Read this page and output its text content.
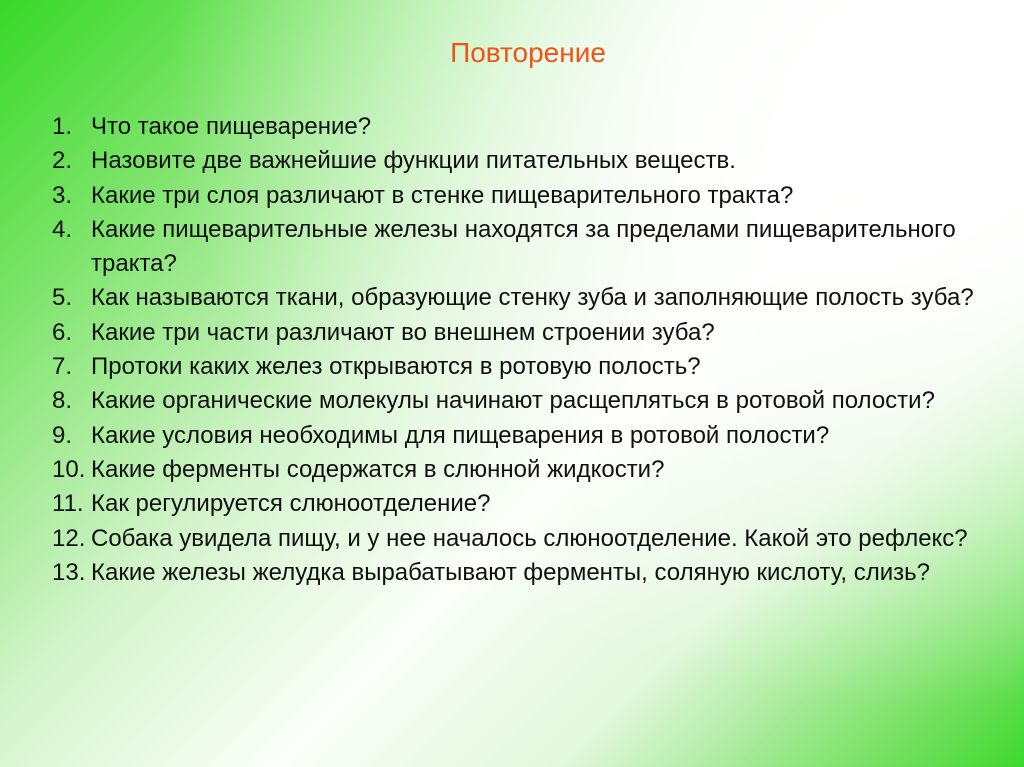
Повторение
1. Что такое пищеварение?
2. Назовите две важнейшие функции питательных веществ.
3. Какие три слоя различают в стенке пищеварительного тракта?
4. Какие пищеварительные железы находятся за пределами пищеварительного тракта?
5. Как называются ткани, образующие стенку зуба и заполняющие полость зуба?
6. Какие три части различают во внешнем строении зуба?
7. Протоки каких желез открываются в ротовую полость?
8. Какие органические молекулы начинают расщепляться в ротовой полости?
9. Какие условия необходимы для пищеварения в ротовой полости?
10. Какие ферменты содержатся в слюнной жидкости?
11. Как регулируется слюноотделение?
12. Собака увидела пищу, и у нее началось слюноотделение. Какой это рефлекс?
13. Какие железы желудка вырабатывают ферменты, соляную кислоту, слизь?
